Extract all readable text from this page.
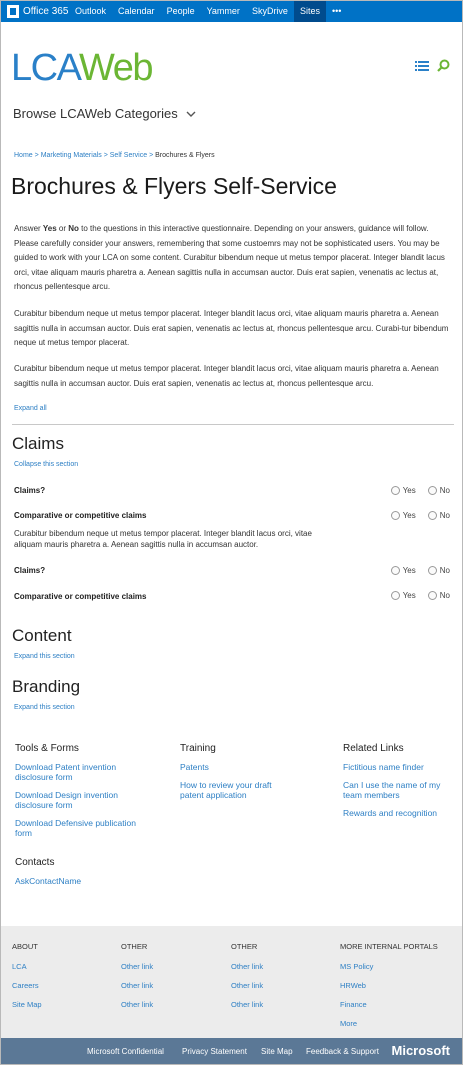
Office 365 Outlook	Calendar	People	Yammer	SkyDrive	Sites	•••
LCAWeb
Browse LCAWeb Categories
Home > Marketing Materials > Self Service > Brochures & Flyers
Brochures & Flyers Self-Service

Answer Yes or No to the questions in this interactive questionnaire. Depending on your answers, guidance will follow. Please carefully consider your answers, remembering that some custoemrs may not be sophisticated users. You may be guided to work with your LCA on some content. Curabitur bibendum neque ut metus tempor placerat. Integer blandit lacus orci, vitae aliquam mauris pharetra a. Aenean sagittis nulla in accumsan auctor. Duis erat sapien, venenatis ac lectus at, rhoncus pellentesque arcu.

Curabitur bibendum neque ut metus tempor placerat. Integer blandit lacus orci, vitae aliquam mauris pharetra a. Aenean sagittis nulla in accumsan auctor. Duis erat sapien, venenatis ac lectus at, rhoncus pellentesque arcu. Curabi-tur bibendum neque ut metus tempor placerat.

Curabitur bibendum neque ut metus tempor placerat. Integer blandit lacus orci, vitae aliquam mauris pharetra a. Aenean sagittis nulla in accumsan auctor. Duis erat sapien, venenatis ac lectus at, rhoncus pellentesque arcu.

Expand all
Claims
Collapse this section
Claims?	Yes	No
Comparative or competitive claims	Yes	No
Curabitur bibendum neque ut metus tempor placerat. Integer blandit lacus orci, vitae aliquam mauris pharetra a. Aenean sagittis nulla in accumsan auctor.
Claims?	Yes	No
Comparative or competitive claims	Yes	No
Content
Expand this section
Branding
Expand this section
Tools & Forms
Download Patent invention disclosure form
Download Design invention disclosure form
Download Defensive publication form
Training
Patents
How to review your draft patent application
Related Links
Fictitious name finder
Can I use the name of my team members
Rewards and recognition
Contacts
AskContactName
ABOUT
LCA
Careers
Site Map
OTHER
Other link
Other link
Other link
OTHER
Other link
Other link
Other link
MORE INTERNAL PORTALS
MS Policy
HRWeb
Finance
More
Microsoft Confidential Privacy Statement Site Map Feedback & Support Microsoft
